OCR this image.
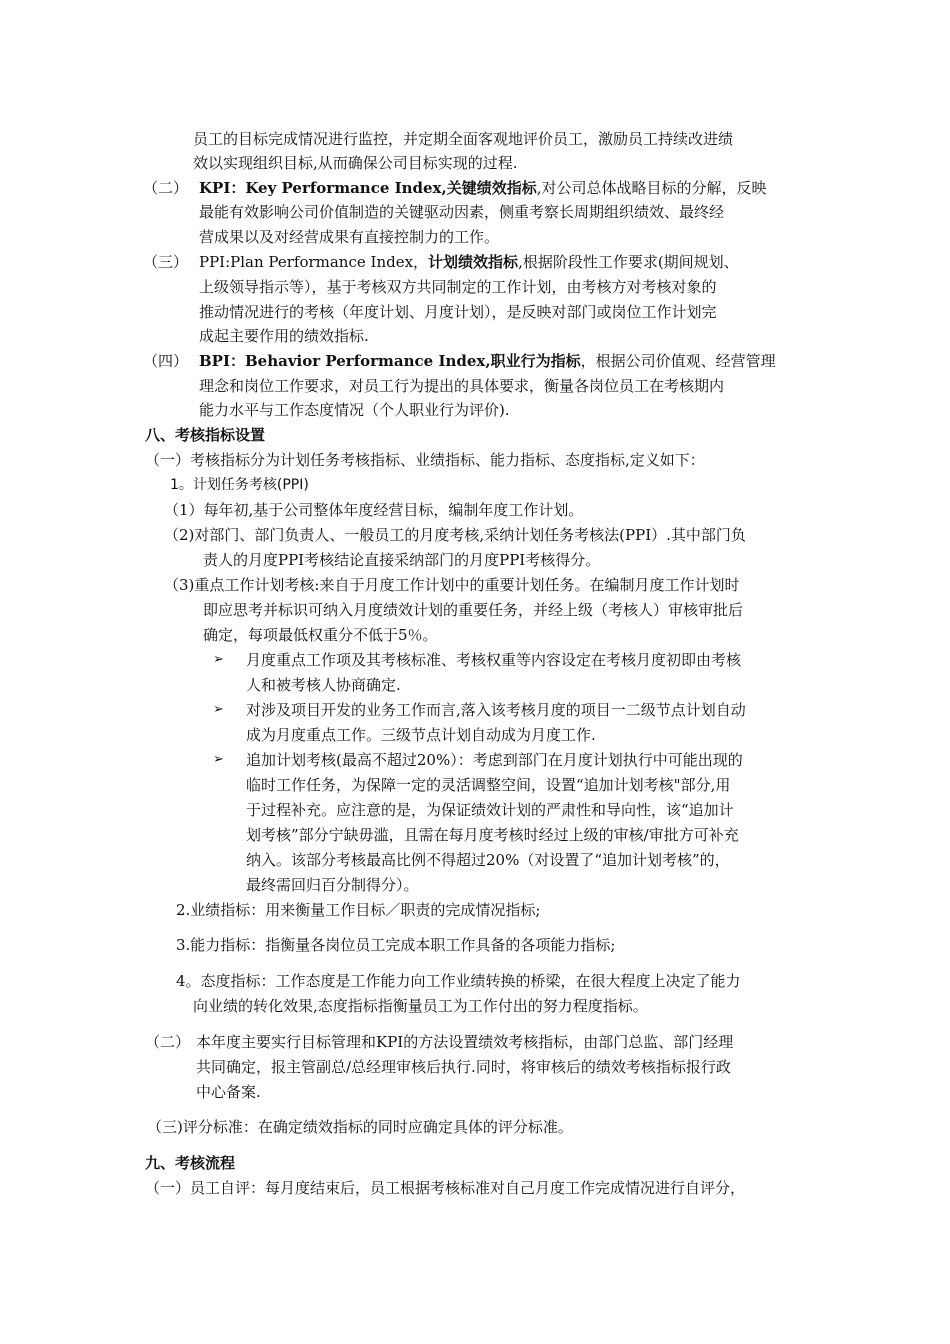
员工的目标完成情况进行监控，并定期全面客观地评价员工，激励员工持续改进绩
效以实现组织目标,从而确保公司目标实现的过程.
（二） KPI：Key Performance Index,关键绩效指标,对公司总体战略目标的分解，反映
最能有效影响公司价值制造的关键驱动因素，侧重考察长周期组织绩效、最终经
营成果以及对经营成果有直接控制力的工作。
（三） PPI:Plan Performance Index，计划绩效指标,根据阶段性工作要求(期间规划、
上级领导指示等），基于考核双方共同制定的工作计划，由考核方对考核对象的
推动情况进行的考核（年度计划、月度计划），是反映对部门或岗位工作计划完
成起主要作用的绩效指标.
（四） BPI：Behavior Performance Index,职业行为指标，根据公司价值观、经营管理
理念和岗位工作要求，对员工行为提出的具体要求，衡量各岗位员工在考核期内
能力水平与工作态度情况（个人职业行为评价).
八、考核指标设置
（一）考核指标分为计划任务考核指标、业绩指标、能力指标、态度指标,定义如下：
1。计划任务考核(PPI)
（1）每年初,基于公司整体年度经营目标，编制年度工作计划。
（2)对部门、部门负责人、一般员工的月度考核,采纳计划任务考核法(PPI）.其中部门负
责人的月度PPI考核结论直接采纳部门的月度PPI考核得分。
（3)重点工作计划考核:来自于月度工作计划中的重要计划任务。在编制月度工作计划时
即应思考并标识可纳入月度绩效计划的重要任务，并经上级（考核人）审核审批后
确定，每项最低权重分不低于5％。
➢ 月度重点工作项及其考核标准、考核权重等内容设定在考核月度初即由考核
人和被考核人协商确定.
➢ 对涉及项目开发的业务工作而言,落入该考核月度的项目一二级节点计划自动
成为月度重点工作。三级节点计划自动成为月度工作.
➢ 追加计划考核(最高不超过20%）：考虑到部门在月度计划执行中可能出现的
临时工作任务，为保障一定的灵活调整空间，设置“追加计划考核"部分,用
于过程补充。应注意的是，为保证绩效计划的严肃性和导向性，该“追加计
划考核”部分宁缺毋滥，且需在每月度考核时经过上级的审核/审批方可补充
纳入。该部分考核最高比例不得超过20%（对设置了“追加计划考核”的，
最终需回归百分制得分）。
2.业绩指标：用来衡量工作目标／职责的完成情况指标;
3.能力指标：指衡量各岗位员工完成本职工作具备的各项能力指标;
4。态度指标：工作态度是工作能力向工作业绩转换的桥梁，在很大程度上决定了能力
向业绩的转化效果,态度指标指衡量员工为工作付出的努力程度指标。
（二） 本年度主要实行目标管理和KPI的方法设置绩效考核指标，由部门总监、部门经理
共同确定，报主管副总/总经理审核后执行.同时，将审核后的绩效考核指标报行政
中心备案.
（三)评分标准：在确定绩效指标的同时应确定具体的评分标准。
九、考核流程
（一）员工自评：每月度结束后，员工根据考核标准对自己月度工作完成情况进行自评分，
